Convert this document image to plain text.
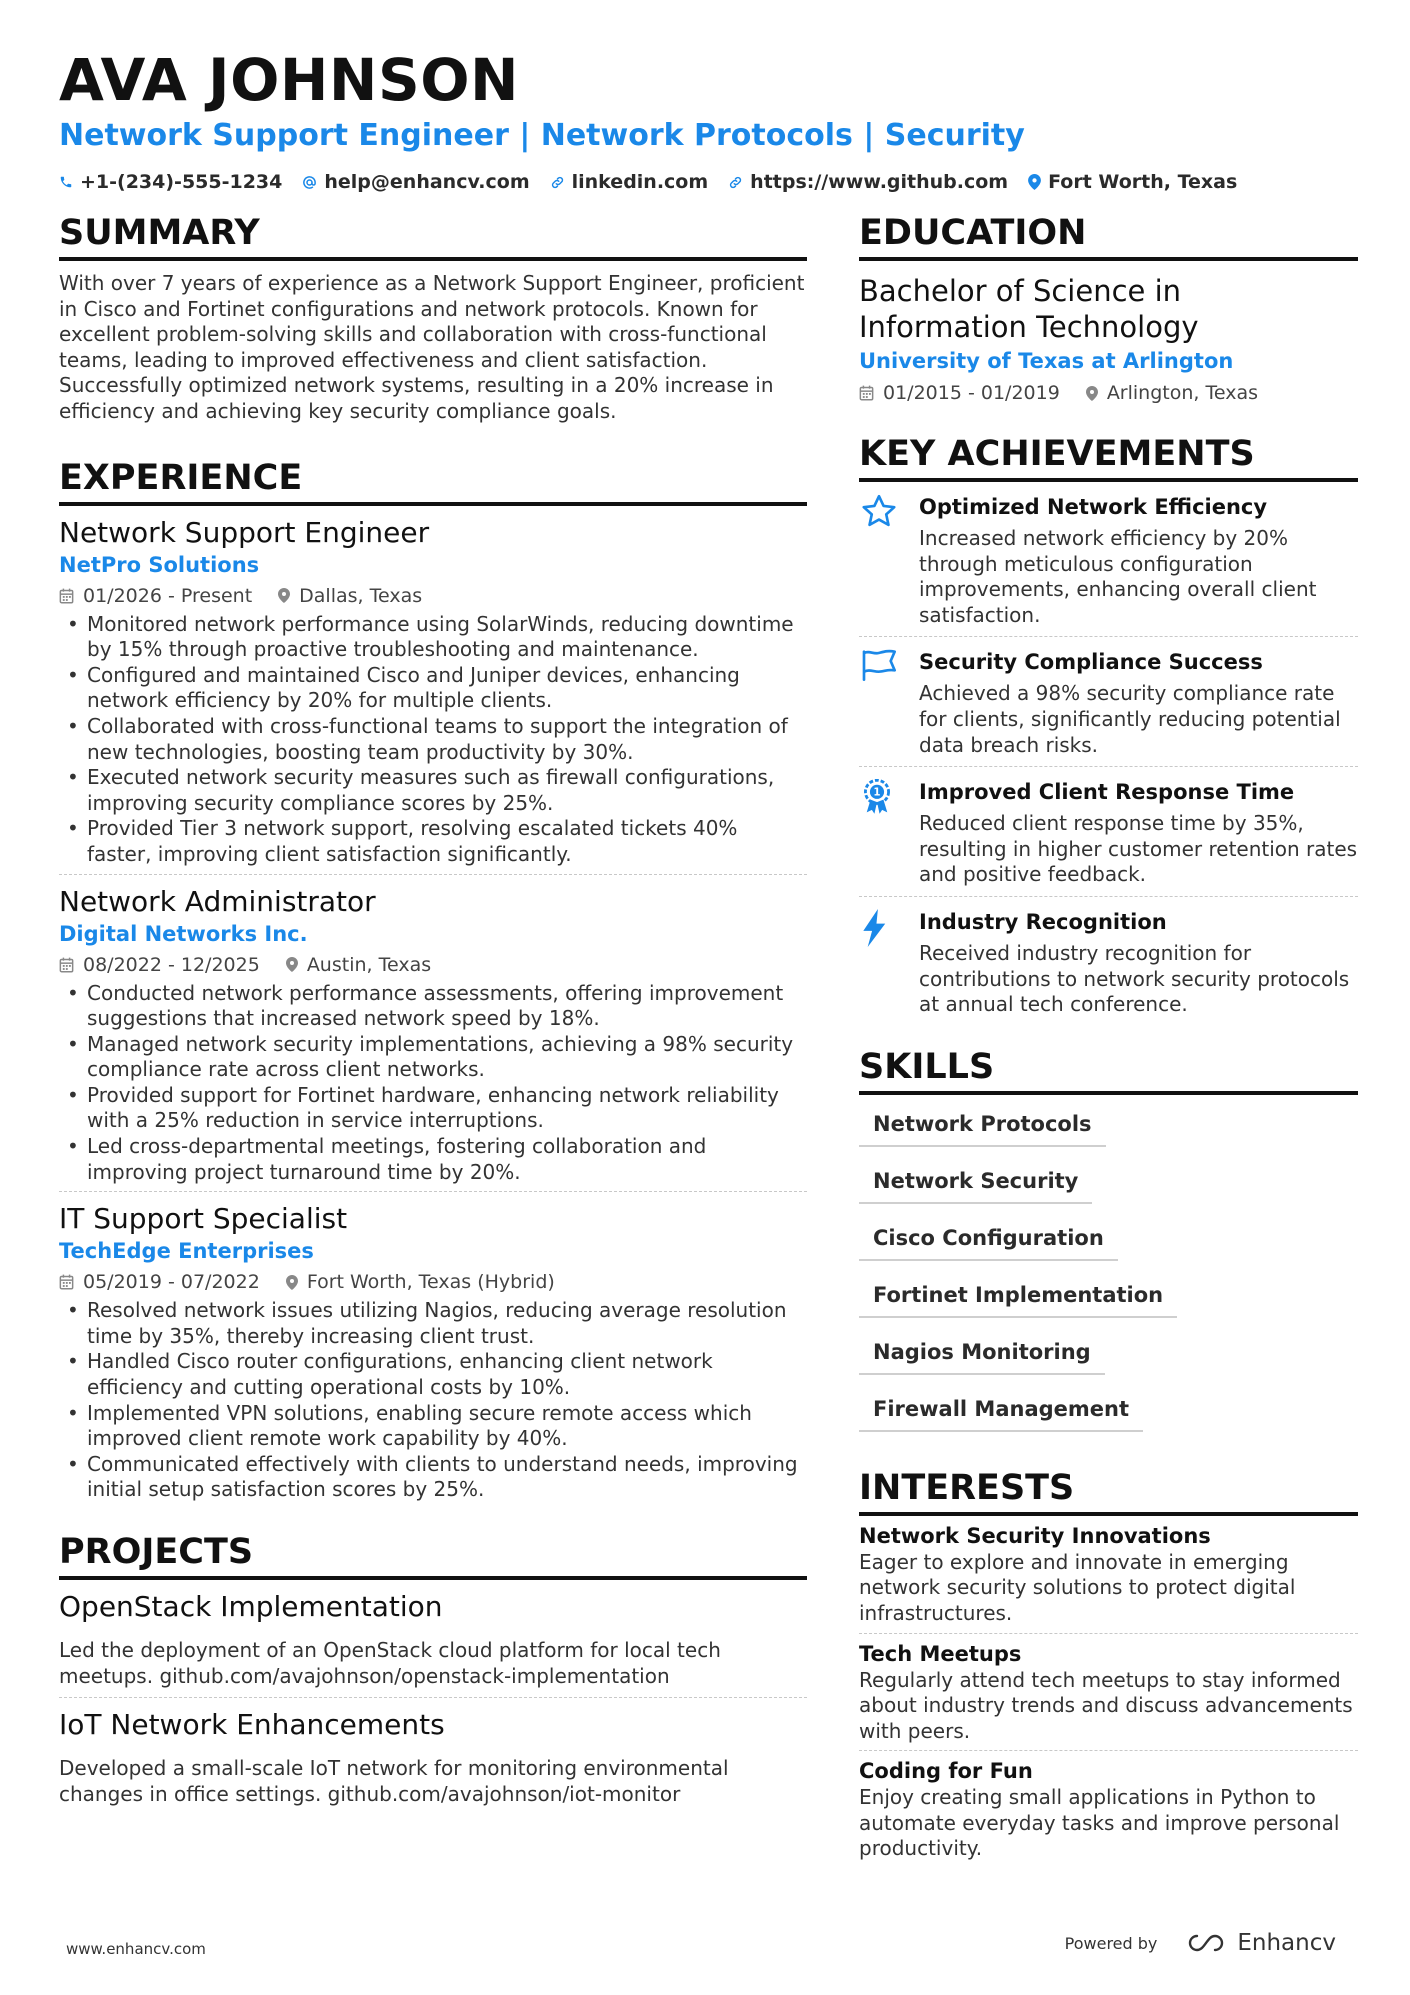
AVA JOHNSON
Network Support Engineer | Network Protocols | Security
+1-(234)-555-1234 help@enhancv.com linkedin.com https://www.github.com Fort Worth, Texas
SUMMARY
With over 7 years of experience as a Network Support Engineer, proficient in Cisco and Fortinet configurations and network protocols. Known for excellent problem-solving skills and collaboration with cross-functional teams, leading to improved effectiveness and client satisfaction. Successfully optimized network systems, resulting in a 20% increase in efficiency and achieving key security compliance goals.
EXPERIENCE
Network Support Engineer
NetPro Solutions
01/2026 - Present Dallas, Texas
• Monitored network performance using SolarWinds, reducing downtime by 15% through proactive troubleshooting and maintenance.
• Configured and maintained Cisco and Juniper devices, enhancing network efficiency by 20% for multiple clients.
• Collaborated with cross-functional teams to support the integration of new technologies, boosting team productivity by 30%.
• Executed network security measures such as firewall configurations, improving security compliance scores by 25%.
• Provided Tier 3 network support, resolving escalated tickets 40% faster, improving client satisfaction significantly.
Network Administrator
Digital Networks Inc.
08/2022 - 12/2025 Austin, Texas
• Conducted network performance assessments, offering improvement suggestions that increased network speed by 18%.
• Managed network security implementations, achieving a 98% security compliance rate across client networks.
• Provided support for Fortinet hardware, enhancing network reliability with a 25% reduction in service interruptions.
• Led cross-departmental meetings, fostering collaboration and improving project turnaround time by 20%.
IT Support Specialist
TechEdge Enterprises
05/2019 - 07/2022 Fort Worth, Texas (Hybrid)
• Resolved network issues utilizing Nagios, reducing average resolution time by 35%, thereby increasing client trust.
• Handled Cisco router configurations, enhancing client network efficiency and cutting operational costs by 10%.
• Implemented VPN solutions, enabling secure remote access which improved client remote work capability by 40%.
• Communicated effectively with clients to understand needs, improving initial setup satisfaction scores by 25%.
PROJECTS
OpenStack Implementation
Led the deployment of an OpenStack cloud platform for local tech meetups. github.com/avajohnson/openstack-implementation
IoT Network Enhancements
Developed a small-scale IoT network for monitoring environmental changes in office settings. github.com/avajohnson/iot-monitor
EDUCATION
Bachelor of Science in Information Technology
University of Texas at Arlington
01/2015 - 01/2019 Arlington, Texas
KEY ACHIEVEMENTS
Optimized Network Efficiency
Increased network efficiency by 20% through meticulous configuration improvements, enhancing overall client satisfaction.
Security Compliance Success
Achieved a 98% security compliance rate for clients, significantly reducing potential data breach risks.
1 Improved Client Response Time
Reduced client response time by 35%, resulting in higher customer retention rates and positive feedback.
Industry Recognition
Received industry recognition for contributions to network security protocols at annual tech conference.
SKILLS
Network Protocols
Network Security
Cisco Configuration
Fortinet Implementation
Nagios Monitoring
Firewall Management
INTERESTS
Network Security Innovations
Eager to explore and innovate in emerging network security solutions to protect digital infrastructures.
Tech Meetups
Regularly attend tech meetups to stay informed about industry trends and discuss advancements with peers.
Coding for Fun
Enjoy creating small applications in Python to automate everyday tasks and improve personal productivity.
www.enhancv.com	Powered by	Enhancv
